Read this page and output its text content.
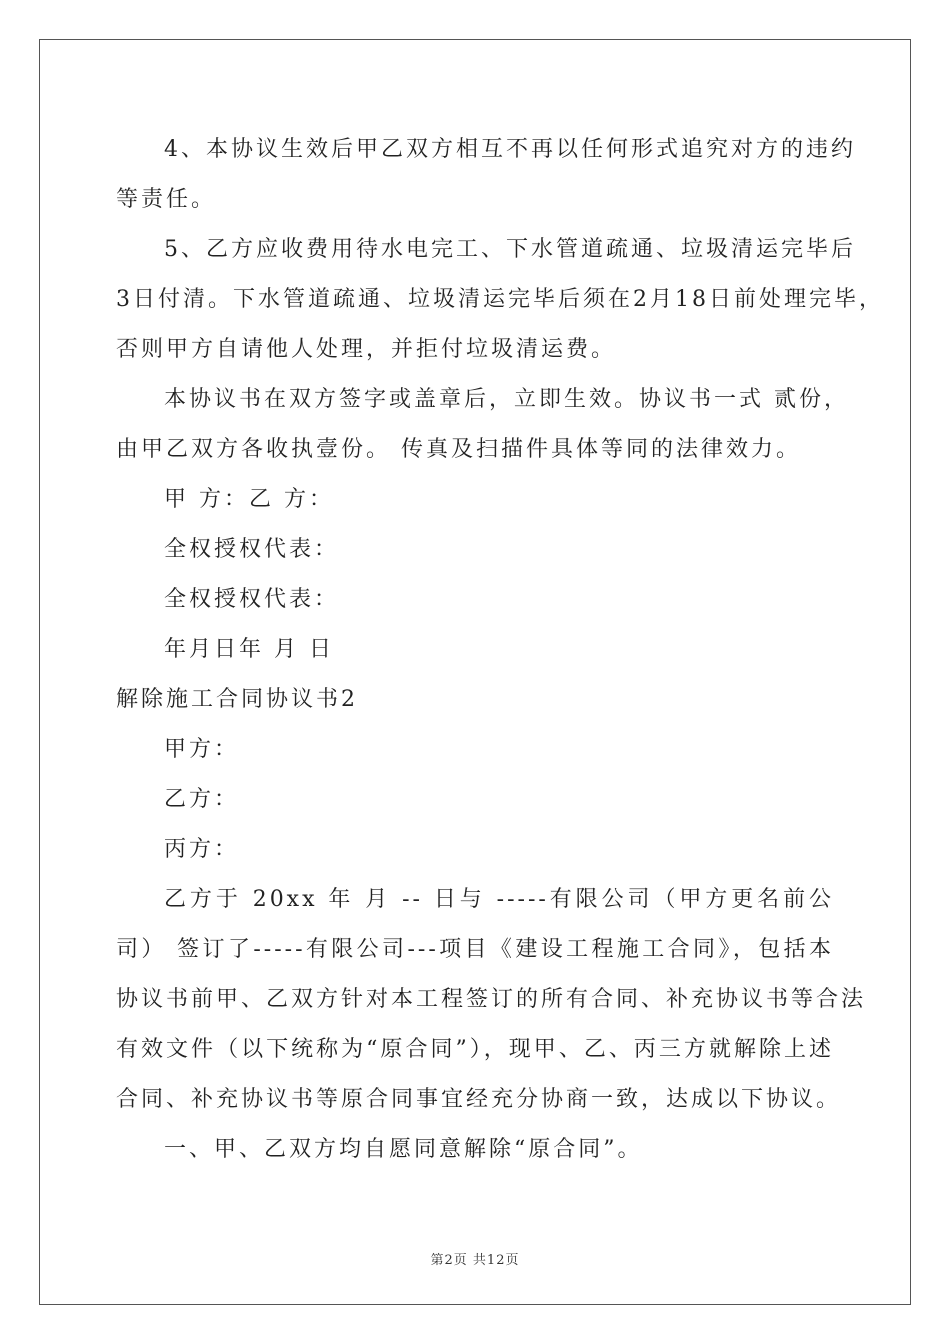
4、本协议生效后甲乙双方相互不再以任何形式追究对方的违约
等责任。
5、乙方应收费用待水电完工、下水管道疏通、垃圾清运完毕后
3日付清。下水管道疏通、垃圾清运完毕后须在2月18日前处理完毕，
否则甲方自请他人处理，并拒付垃圾清运费。
本协议书在双方签字或盖章后，立即生效。协议书一式 贰份，
由甲乙双方各收执壹份。 传真及扫描件具体等同的法律效力。
甲 方：乙 方：
全权授权代表：
全权授权代表：
年月日年 月 日
解除施工合同协议书2
甲方：
乙方：
丙方：
乙方于 20xx 年 月 -- 日与 -----有限公司（甲方更名前公
司） 签订了-----有限公司---项目《建设工程施工合同》，包括本
协议书前甲、乙双方针对本工程签订的所有合同、补充协议书等合法
有效文件（以下统称为“原合同”），现甲、乙、丙三方就解除上述
合同、补充协议书等原合同事宜经充分协商一致，达成以下协议。
一、甲、乙双方均自愿同意解除“原合同”。
第2页 共12页
